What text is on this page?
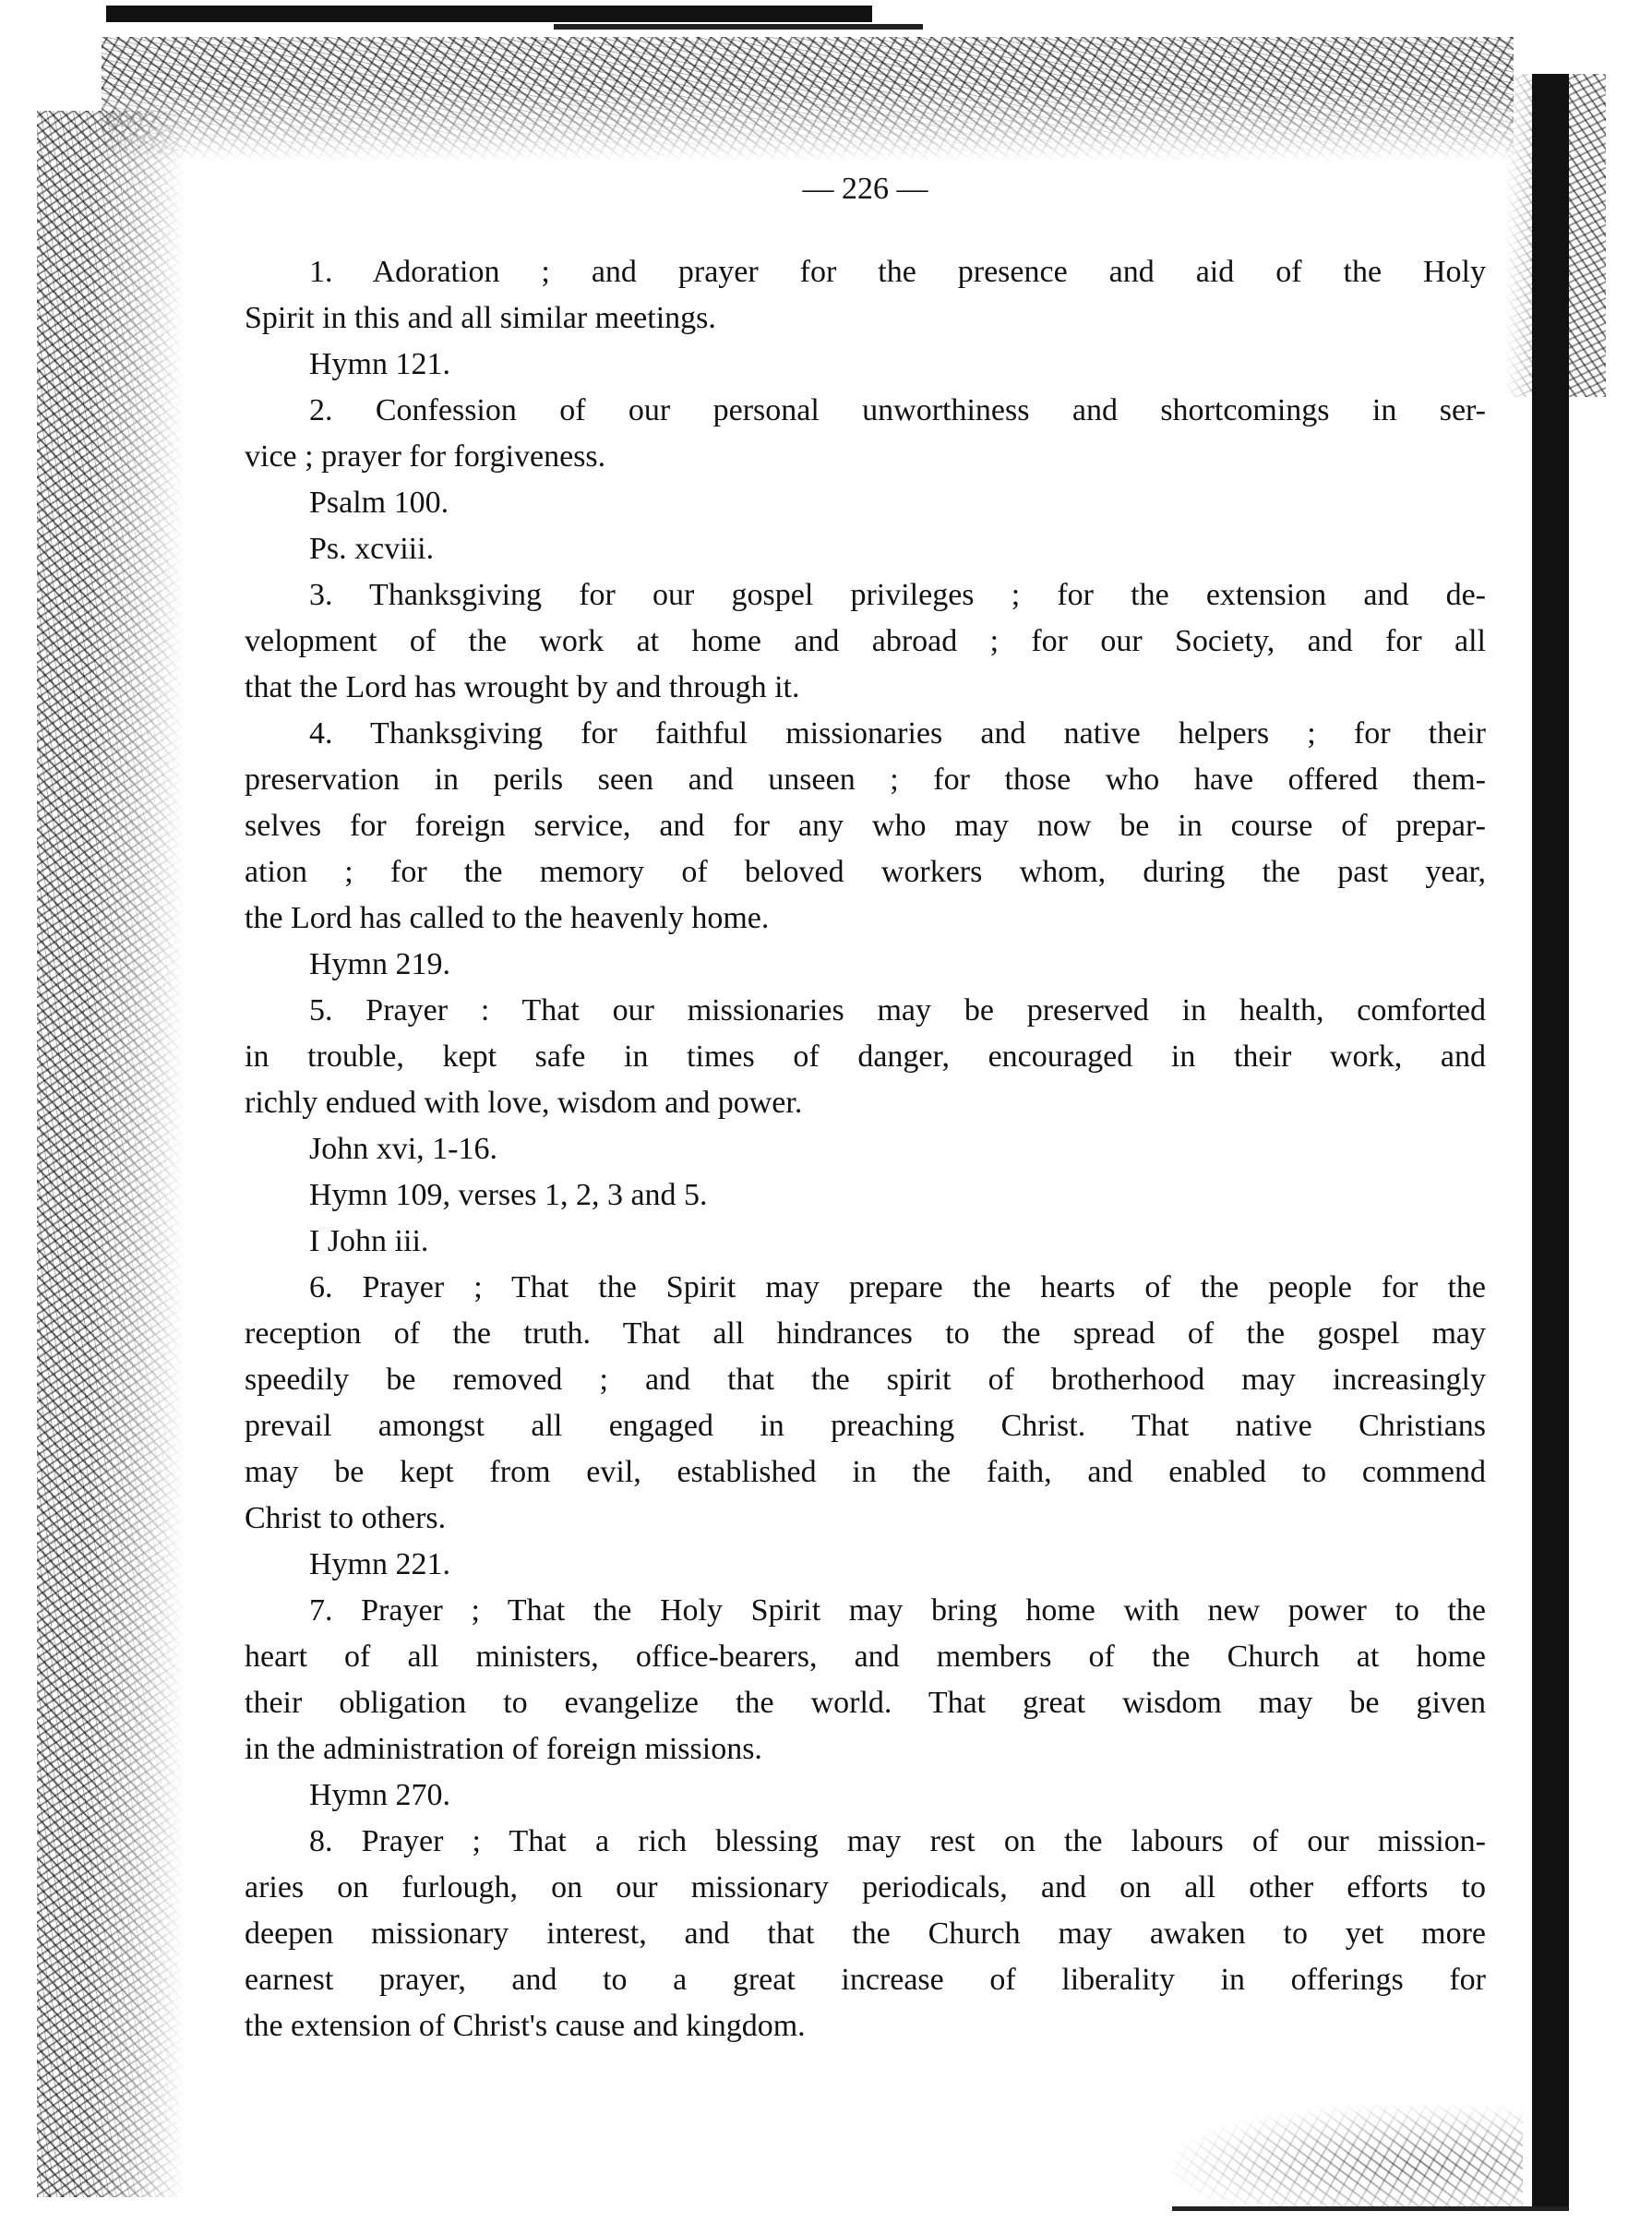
— 226 —
1. Adoration ; and prayer for the presence and aid of the Holy
Spirit in this and all similar meetings.
Hymn 121.
2. Confession of our personal unworthiness and shortcomings in ser-
vice ; prayer for forgiveness.
Psalm 100.
Ps. xcviii.
3. Thanksgiving for our gospel privileges ; for the extension and de-
velopment of the work at home and abroad ; for our Society, and for all
that the Lord has wrought by and through it.
4. Thanksgiving for faithful missionaries and native helpers ; for their
preservation in perils seen and unseen ; for those who have offered them-
selves for foreign service, and for any who may now be in course of prepar-
ation ; for the memory of beloved workers whom, during the past year,
the Lord has called to the heavenly home.
Hymn 219.
5. Prayer : That our missionaries may be preserved in health, comforted
in trouble, kept safe in times of danger, encouraged in their work, and
richly endued with love, wisdom and power.
John xvi, 1-16.
Hymn 109, verses 1, 2, 3 and 5.
I John iii.
6. Prayer ; That the Spirit may prepare the hearts of the people for the
reception of the truth. That all hindrances to the spread of the gospel may
speedily be removed ; and that the spirit of brotherhood may increasingly
prevail amongst all engaged in preaching Christ. That native Christians
may be kept from evil, established in the faith, and enabled to commend
Christ to others.
Hymn 221.
7. Prayer ; That the Holy Spirit may bring home with new power to the
heart of all ministers, office-bearers, and members of the Church at home
their obligation to evangelize the world. That great wisdom may be given
in the administration of foreign missions.
Hymn 270.
8. Prayer ; That a rich blessing may rest on the labours of our mission-
aries on furlough, on our missionary periodicals, and on all other efforts to
deepen missionary interest, and that the Church may awaken to yet more
earnest prayer, and to a great increase of liberality in offerings for
the extension of Christ's cause and kingdom.
